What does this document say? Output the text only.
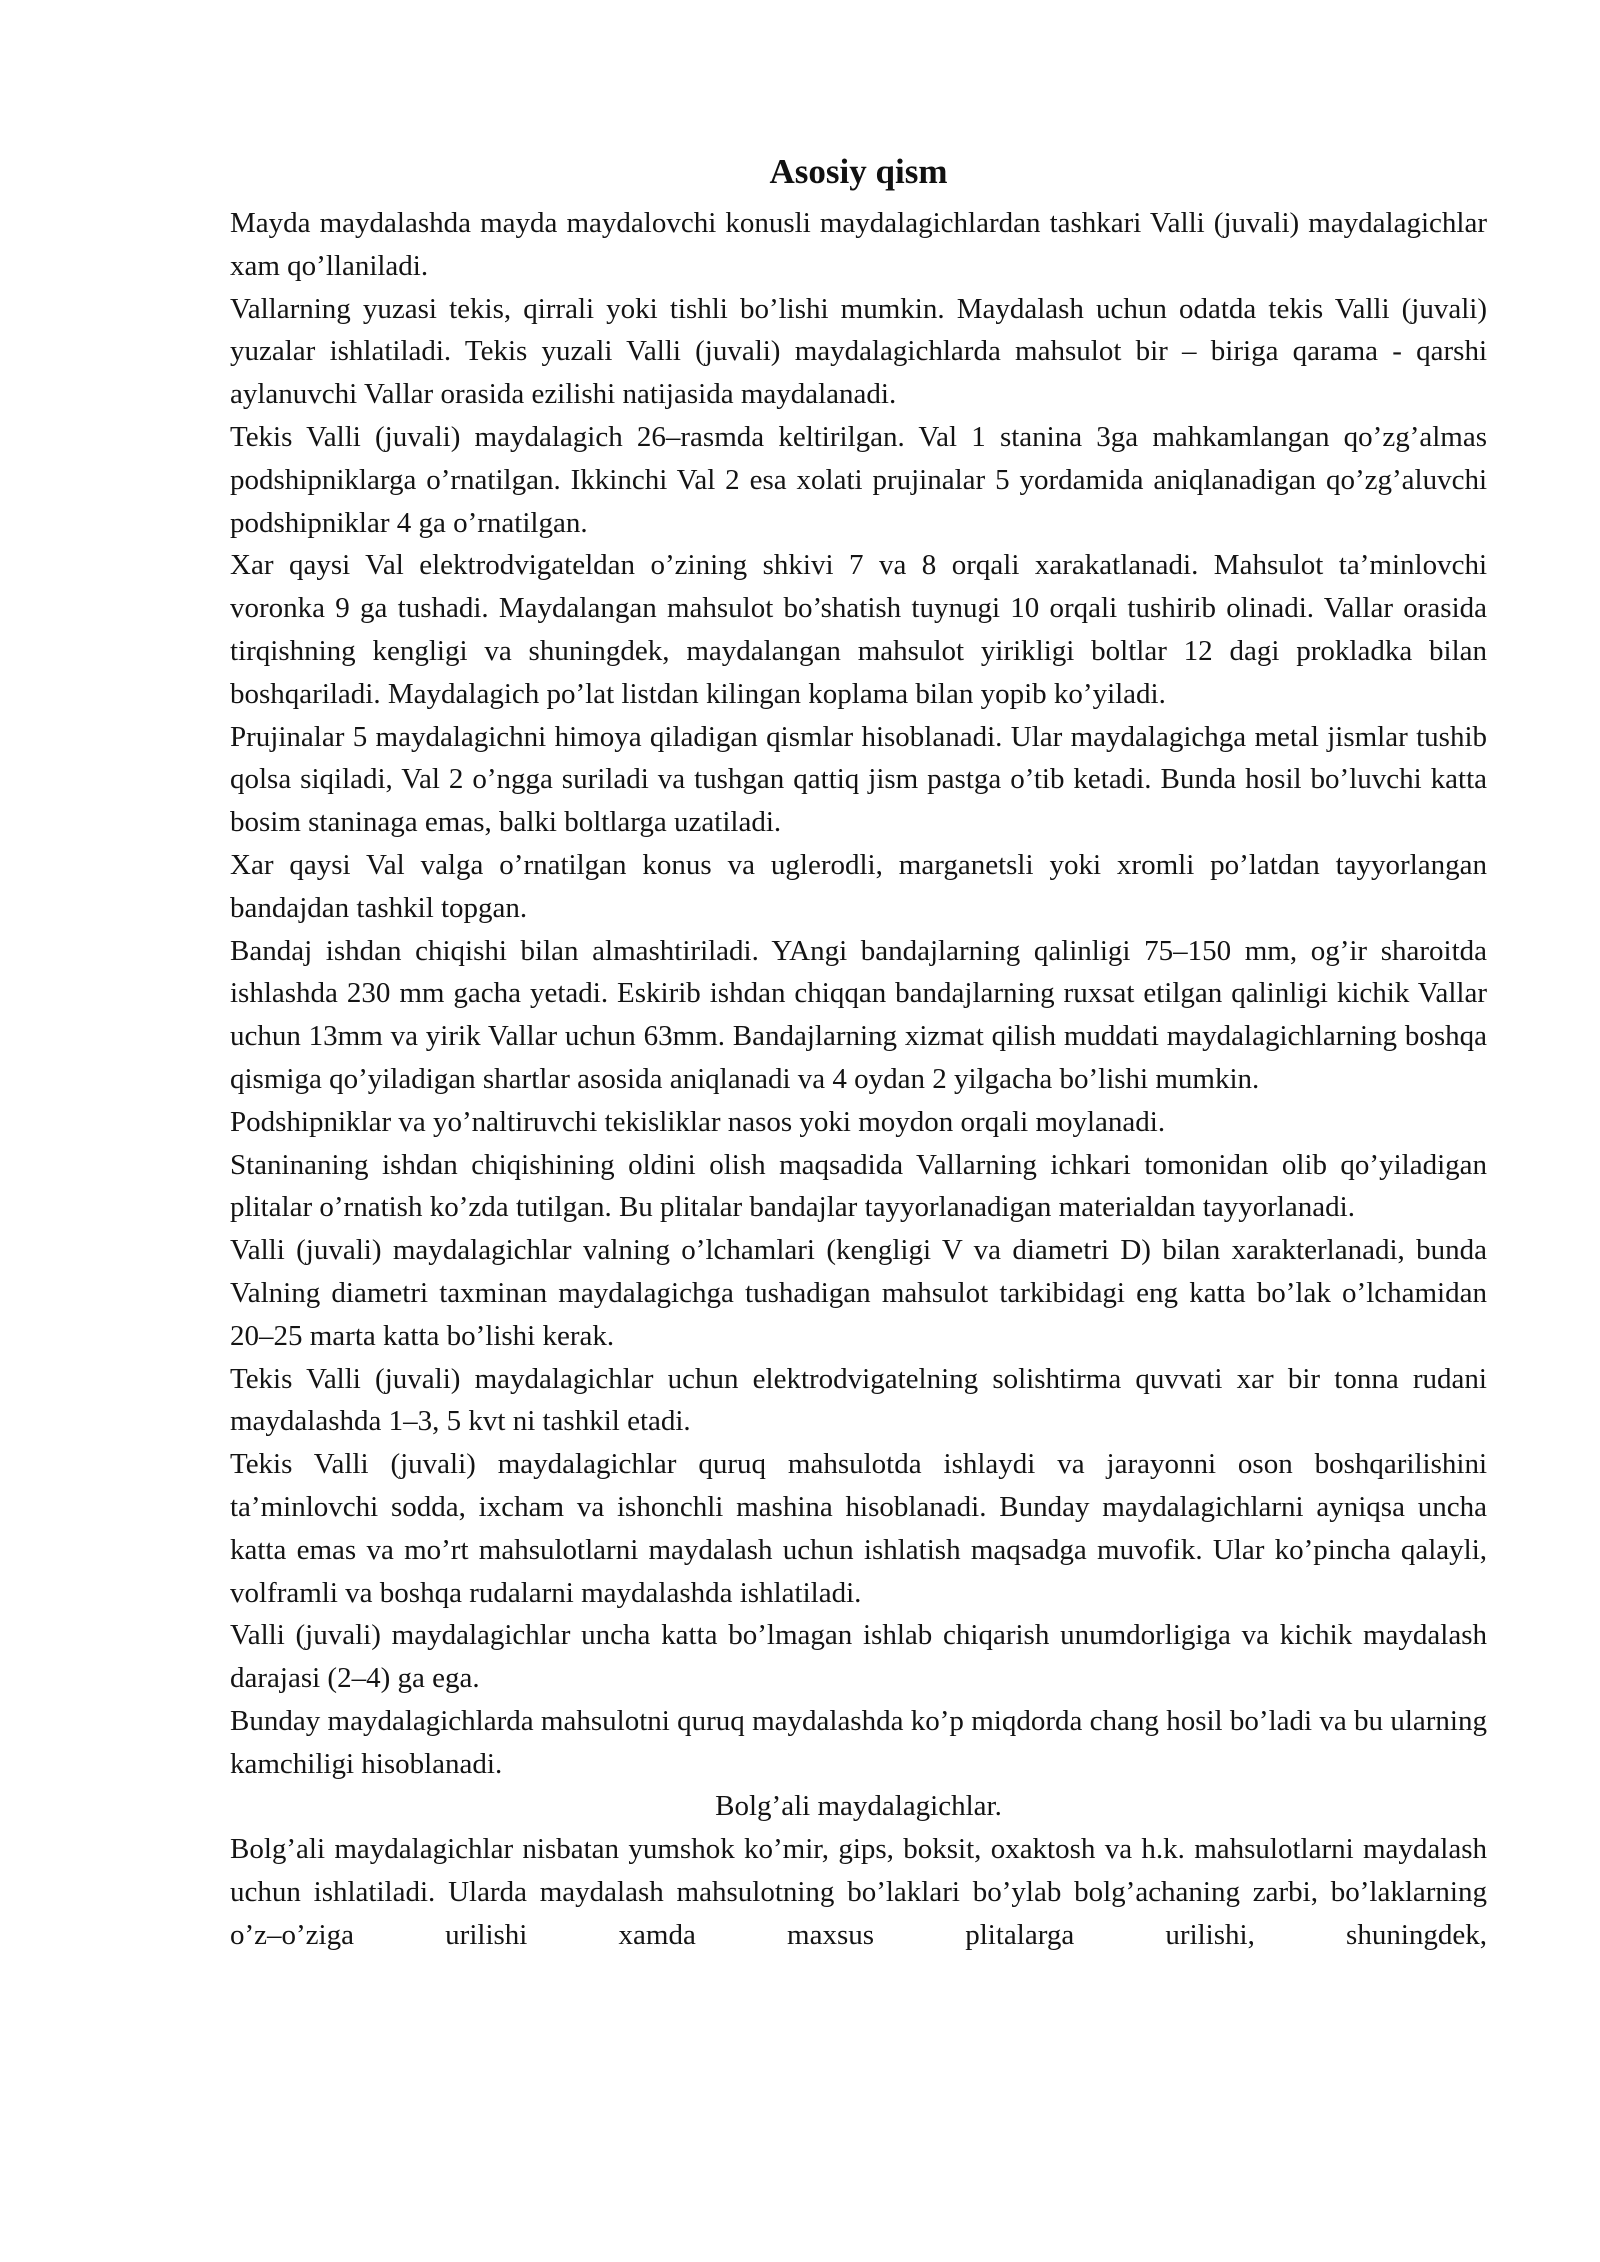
Asosiy qism

Mayda maydalashda mayda maydalovchi konusli maydalagichlardan tashkari Valli (juvali) maydalagichlar xam qo’llaniladi.

Vallarning yuzasi tekis, qirrali yoki tishli bo’lishi mumkin. Maydalash uchun odatda tekis Valli (juvali) yuzalar ishlatiladi. Tekis yuzali Valli (juvali) maydalagichlarda mahsulot bir – biriga qarama - qarshi aylanuvchi Vallar orasida ezilishi natijasida maydalanadi.

Tekis Valli (juvali) maydalagich 26–rasmda keltirilgan. Val 1 stanina 3ga mahkamlangan qo’zg’almas podshipniklarga o’rnatilgan. Ikkinchi Val 2 esa xolati prujinalar 5 yordamida aniqlanadigan qo’zg’aluvchi podshipniklar 4 ga o’rnatilgan.

Xar qaysi Val elektrodvigateldan o’zining shkivi 7 va 8 orqali xarakatlanadi. Mahsulot ta’minlovchi voronka 9 ga tushadi. Maydalangan mahsulot bo’shatish tuynugi 10 orqali tushirib olinadi. Vallar orasida tirqishning kengligi va shuningdek, maydalangan mahsulot yirikligi boltlar 12 dagi prokladka bilan boshqariladi. Maydalagich po’lat listdan kilingan koplama bilan yopib ko’yiladi.

Prujinalar 5 maydalagichni himoya qiladigan qismlar hisoblanadi. Ular maydalagichga metal jismlar tushib qolsa siqiladi, Val 2 o’ngga suriladi va tushgan qattiq jism pastga o’tib ketadi. Bunda hosil bo’luvchi katta bosim staninaga emas, balki boltlarga uzatiladi.

Xar qaysi Val valga o’rnatilgan konus va uglerodli, marganetsli yoki xromli po’latdan tayyorlangan bandajdan tashkil topgan.

Bandaj ishdan chiqishi bilan almashtiriladi. YAngi bandajlarning qalinligi 75–150 mm, og’ir sharoitda ishlashda 230 mm gacha yetadi. Eskirib ishdan chiqqan bandajlarning ruxsat etilgan qalinligi kichik Vallar uchun 13mm va yirik Vallar uchun 63mm. Bandajlarning xizmat qilish muddati maydalagichlarning boshqa qismiga qo’yiladigan shartlar asosida aniqlanadi va 4 oydan 2 yilgacha bo’lishi mumkin.

Podshipniklar va yo’naltiruvchi tekisliklar nasos yoki moydon orqali moylanadi.

Staninaning ishdan chiqishining oldini olish maqsadida Vallarning ichkari tomonidan olib qo’yiladigan plitalar o’rnatish ko’zda tutilgan. Bu plitalar bandajlar tayyorlanadigan materialdan tayyorlanadi.

Valli (juvali) maydalagichlar valning o’lchamlari (kengligi V va diametri D) bilan xarakterlanadi, bunda Valning diametri taxminan maydalagichga tushadigan mahsulot tarkibidagi eng katta bo’lak o’lchamidan 20–25 marta katta bo’lishi kerak.

Tekis Valli (juvali) maydalagichlar uchun elektrodvigatelning solishtirma quvvati xar bir tonna rudani maydalashda 1–3, 5 kvt ni tashkil etadi.

Tekis Valli (juvali) maydalagichlar quruq mahsulotda ishlaydi va jarayonni oson boshqarilishini ta’minlovchi sodda, ixcham va ishonchli mashina hisoblanadi. Bunday maydalagichlarni ayniqsa uncha katta emas va mo’rt mahsulotlarni maydalash uchun ishlatish maqsadga muvofik. Ular ko’pincha qalayli, volframli va boshqa rudalarni maydalashda ishlatiladi.

Valli (juvali) maydalagichlar uncha katta bo’lmagan ishlab chiqarish unumdorligiga va kichik maydalash darajasi (2–4) ga ega.

Bunday maydalagichlarda mahsulotni quruq maydalashda ko’p miqdorda chang hosil bo’ladi va bu ularning kamchiligi hisoblanadi.

Bolg’ali maydalagichlar.

Bolg’ali maydalagichlar nisbatan yumshok ko’mir, gips, boksit, oxaktosh va h.k. mahsulotlarni maydalash uchun ishlatiladi. Ularda maydalash mahsulotning bo’laklari bo’ylab bolg’achaning zarbi, bo’laklarning o’z–o’ziga urilishi xamda maxsus plitalarga urilishi, shuningdek,
